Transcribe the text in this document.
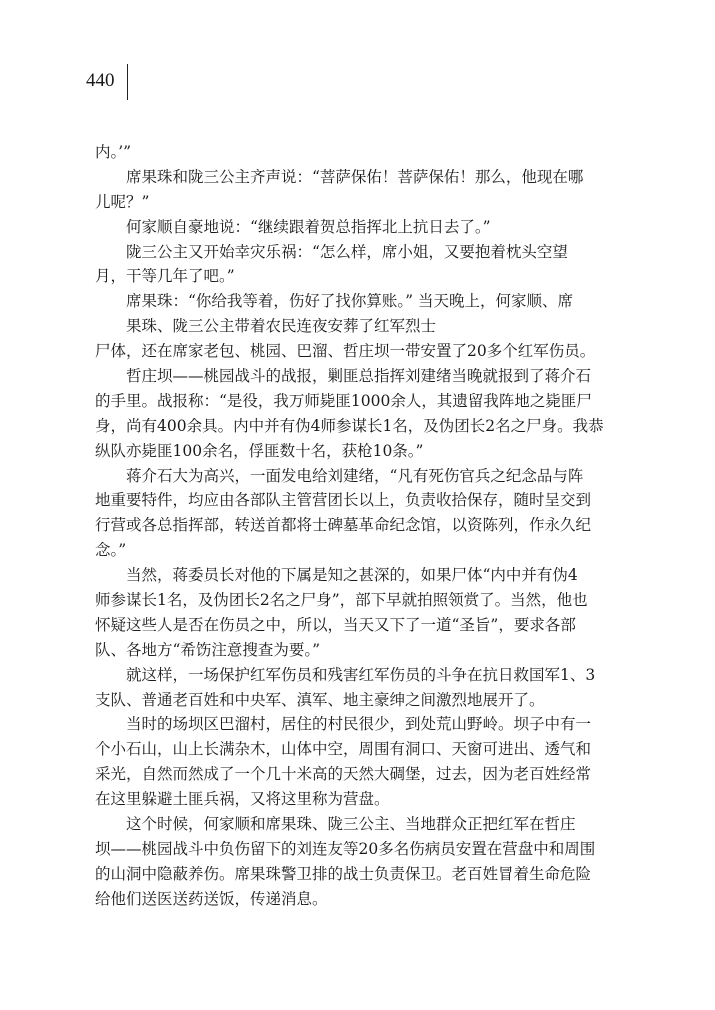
440
内。’”
席果珠和陇三公主齐声说：“菩萨保佑！菩萨保佑！那么，他现在哪
儿呢？”
何家顺自豪地说：“继续跟着贺总指挥北上抗日去了。”
陇三公主又开始幸灾乐祸：“怎么样，席小姐，又要抱着枕头空望
月，干等几年了吧。”
席果珠：“你给我等着，伤好了找你算账。” 当天晚上，何家顺、席
果珠、陇三公主带着农民连夜安葬了红军烈士
尸体，还在席家老包、桃园、巴溜、哲庄坝一带安置了20多个红军伤员。
哲庄坝——桃园战斗的战报，剿匪总指挥刘建绪当晚就报到了蒋介石
的手里。战报称：“是役，我万师毙匪1000余人，其遗留我阵地之毙匪尸
身，尚有400余具。内中并有伪4师参谋长1名，及伪团长2名之尸身。我恭
纵队亦毙匪100余名，俘匪数十名，获枪10条。”
蒋介石大为高兴，一面发电给刘建绪，“凡有死伤官兵之纪念品与阵
地重要特件，均应由各部队主管营团长以上，负责收拾保存，随时呈交到
行营或各总指挥部，转送首都将士碑墓革命纪念馆，以资陈列，作永久纪
念。”
当然，蒋委员长对他的下属是知之甚深的，如果尸体“内中并有伪4
师参谋长1名，及伪团长2名之尸身”，部下早就拍照领赏了。当然，他也
怀疑这些人是否在伤员之中，所以，当天又下了一道“圣旨”，要求各部
队、各地方“希饬注意搜查为要。”
就这样，一场保护红军伤员和残害红军伤员的斗争在抗日救国军1、3
支队、普通老百姓和中央军、滇军、地主豪绅之间激烈地展开了。
当时的场坝区巴溜村，居住的村民很少，到处荒山野岭。坝子中有一
个小石山，山上长满杂木，山体中空，周围有洞口、天窗可进出、透气和
采光，自然而然成了一个几十米高的天然大碉堡，过去，因为老百姓经常
在这里躲避土匪兵祸，又将这里称为营盘。
这个时候，何家顺和席果珠、陇三公主、当地群众正把红军在哲庄
坝——桃园战斗中负伤留下的刘连友等20多名伤病员安置在营盘中和周围
的山洞中隐蔽养伤。席果珠警卫排的战士负责保卫。老百姓冒着生命危险
给他们送医送药送饭，传递消息。
